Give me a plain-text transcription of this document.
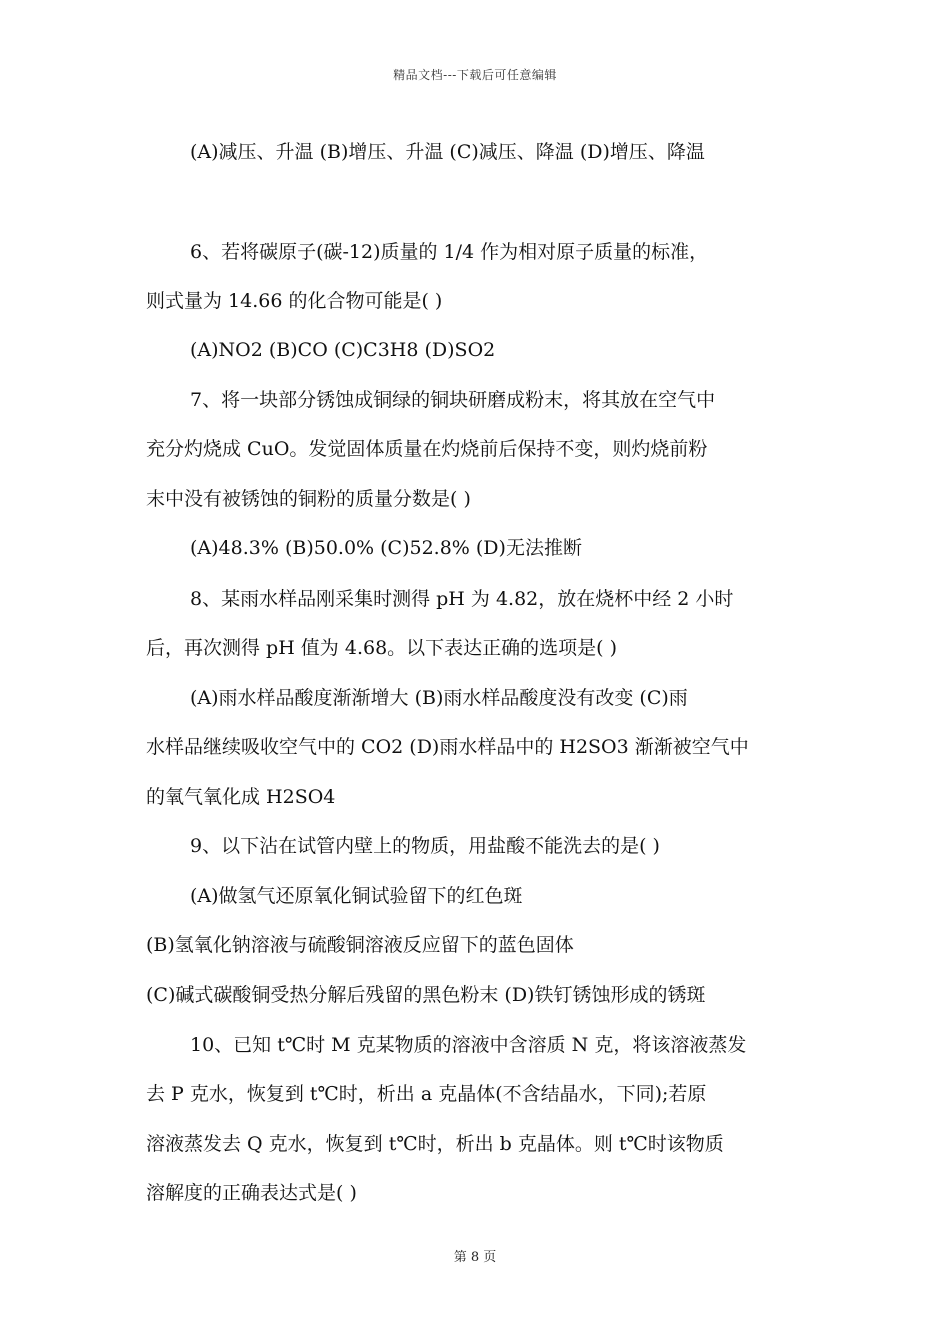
精品文档---下载后可任意编辑
(A)减压、升温 (B)增压、升温 (C)减压、降温 (D)增压、降温
6、若将碳原子(碳-12)质量的 1/4 作为相对原子质量的标准，
则式量为 14.66 的化合物可能是( )
(A)NO2 (B)CO (C)C3H8 (D)SO2
7、将一块部分锈蚀成铜绿的铜块研磨成粉末，将其放在空气中
充分灼烧成 CuO。发觉固体质量在灼烧前后保持不变，则灼烧前粉
末中没有被锈蚀的铜粉的质量分数是( )
(A)48.3% (B)50.0% (C)52.8% (D)无法推断
8、某雨水样品刚采集时测得 pH 为 4.82，放在烧杯中经 2 小时
后，再次测得 pH 值为 4.68。以下表达正确的选项是( )
(A)雨水样品酸度渐渐增大 (B)雨水样品酸度没有改变 (C)雨
水样品继续吸收空气中的 CO2 (D)雨水样品中的 H2SO3 渐渐被空气中
的氧气氧化成 H2SO4
9、以下沾在试管内壁上的物质，用盐酸不能洗去的是( )
(A)做氢气还原氧化铜试验留下的红色斑
(B)氢氧化钠溶液与硫酸铜溶液反应留下的蓝色固体
(C)碱式碳酸铜受热分解后残留的黑色粉末 (D)铁钉锈蚀形成的锈斑
10、已知 t℃时 M 克某物质的溶液中含溶质 N 克，将该溶液蒸发
去 P 克水，恢复到 t℃时，析出 a 克晶体(不含结晶水，下同);若原
溶液蒸发去 Q 克水，恢复到 t℃时，析出 b 克晶体。则 t℃时该物质
溶解度的正确表达式是( )
第 8 页
